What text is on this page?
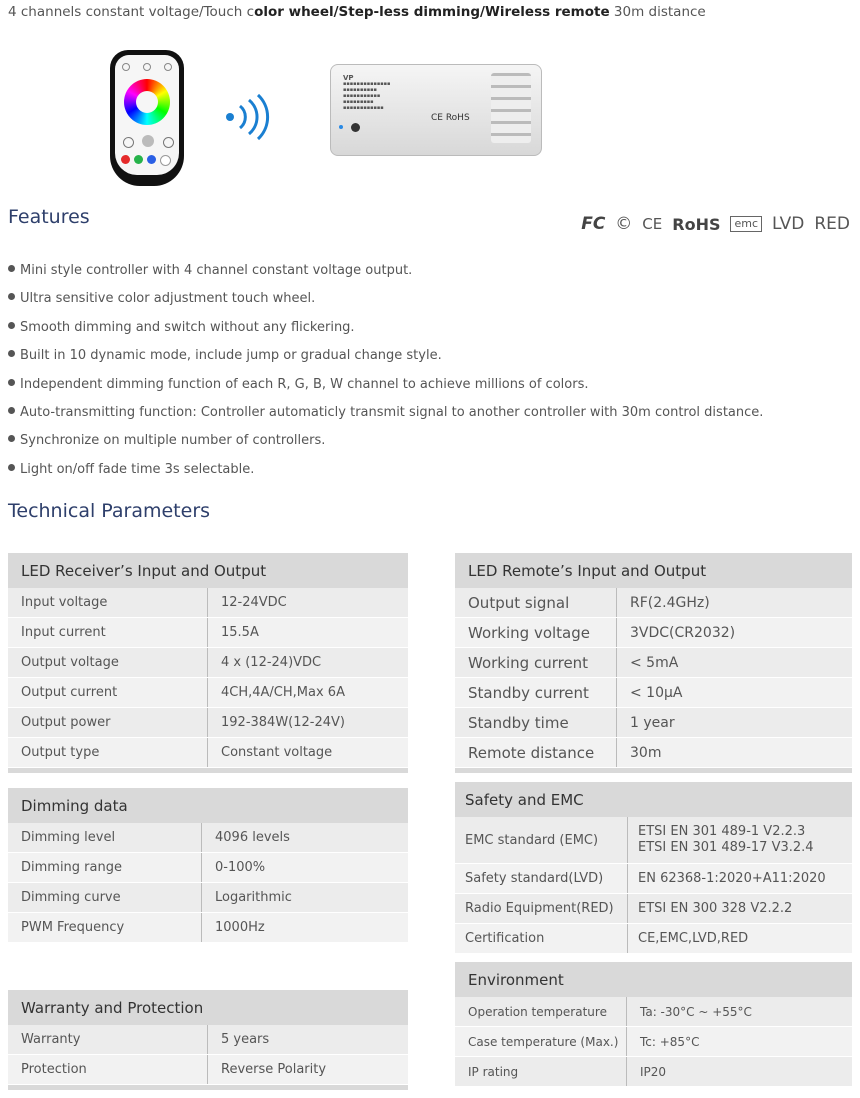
4 channels constant voltage/Touch color wheel/Step-less dimming/Wireless remote 30m distance
VP
▪▪▪▪▪▪▪▪▪▪▪▪▪▪
▪▪▪▪▪▪▪▪▪▪
▪▪▪▪▪▪▪▪▪▪▪
▪▪▪▪▪▪▪▪▪
▪▪▪▪▪▪▪▪▪▪▪▪
CE RoHS
Features	FC © CE RoHS	emc LVD RED
Mini style controller with 4 channel constant voltage output.
Ultra sensitive color adjustment touch wheel.
Smooth dimming and switch without any flickering.
Built in 10 dynamic mode, include jump or gradual change style.
Independent dimming function of each R, G, B, W channel to achieve millions of colors.
Auto-transmitting function: Controller automaticly transmit signal to another controller with 30m control distance.
Synchronize on multiple number of controllers.
Light on/off fade time 3s selectable.
Technical Parameters
LED Receiver’s Input and Output	
Input voltage	12-24VDC
Input current	15.5A
Output voltage	4 x (12-24)VDC
Output current	4CH,4A/CH,Max 6A
Output power	192-384W(12-24V)
Output type	Constant voltage

Dimming data	
Dimming level	4096 levels
Dimming range	0-100%
Dimming curve	Logarithmic
PWM Frequency	1000Hz
Warranty and Protection	
Warranty	5 years
Protection	Reverse Polarity

LED Remote’s Input and Output	
Output signal	RF(2.4GHz)
Working voltage	3VDC(CR2032)
Working current	< 5mA
Standby current	< 10μA
Standby time	1 year
Remote distance	30m

Safety and EMC	
EMC standard (EMC)	ETSI EN 301 489-1 V2.2.3
ETSI EN 301 489-17 V3.2.4
Safety standard(LVD)	EN 62368-1:2020+A11:2020
Radio Equipment(RED)	ETSI EN 300 328 V2.2.2
Certification	CE,EMC,LVD,RED
Environment	
Operation temperature	Ta: -30°C ~ +55°C
Case temperature (Max.)	Tc: +85°C
IP rating	IP20
